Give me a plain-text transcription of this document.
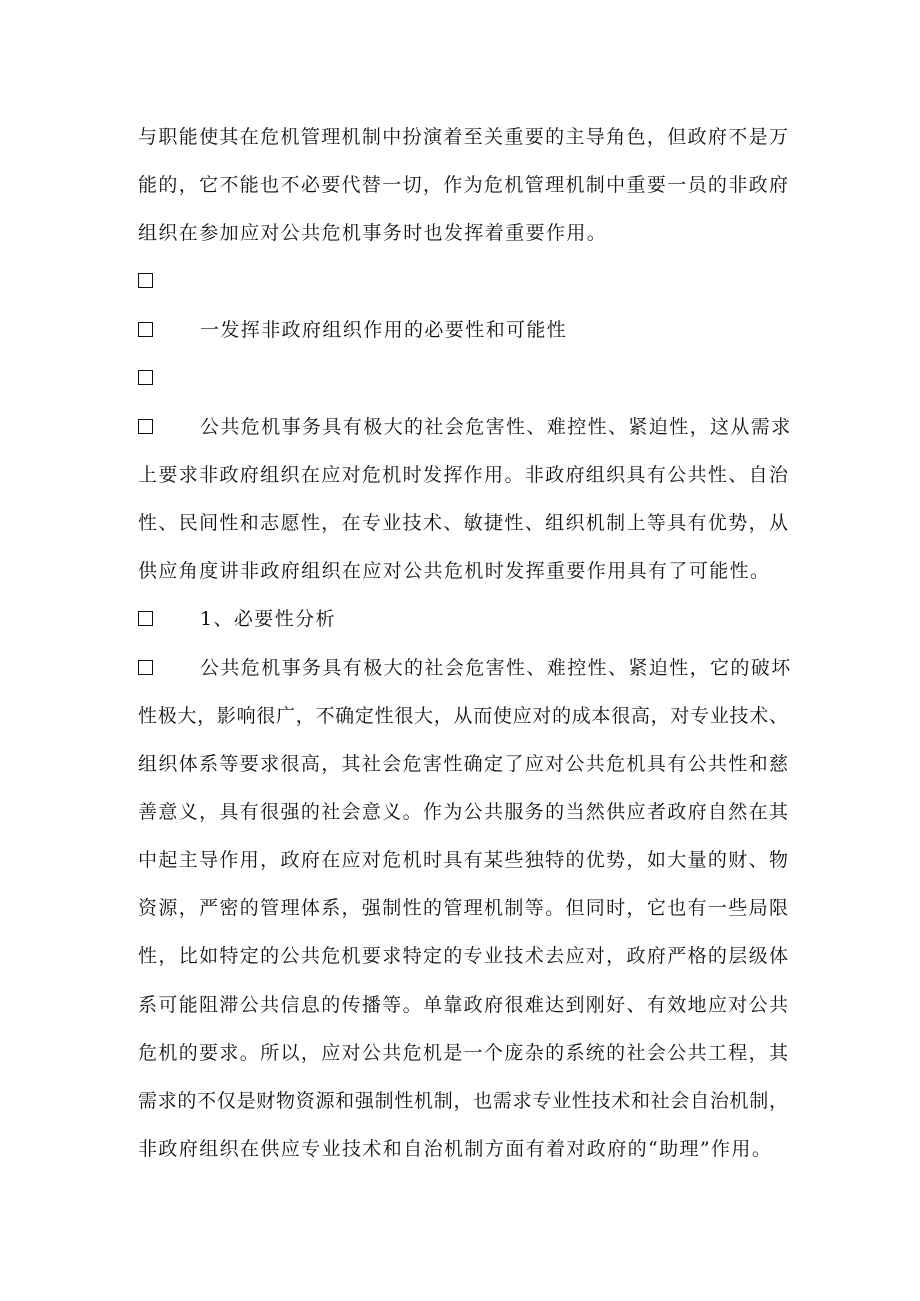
与职能使其在危机管理机制中扮演着至关重要的主导角色，但政府不是万
能的，它不能也不必要代替一切，作为危机管理机制中重要一员的非政府
组织在参加应对公共危机事务时也发挥着重要作用。
一发挥非政府组织作用的必要性和可能性
公共危机事务具有极大的社会危害性、难控性、紧迫性，这从需求
上要求非政府组织在应对危机时发挥作用。非政府组织具有公共性、自治
性、民间性和志愿性，在专业技术、敏捷性、组织机制上等具有优势，从
供应角度讲非政府组织在应对公共危机时发挥重要作用具有了可能性。
1、必要性分析
公共危机事务具有极大的社会危害性、难控性、紧迫性，它的破坏
性极大，影响很广，不确定性很大，从而使应对的成本很高，对专业技术、
组织体系等要求很高，其社会危害性确定了应对公共危机具有公共性和慈
善意义，具有很强的社会意义。作为公共服务的当然供应者政府自然在其
中起主导作用，政府在应对危机时具有某些独特的优势，如大量的财、物
资源，严密的管理体系，强制性的管理机制等。但同时，它也有一些局限
性，比如特定的公共危机要求特定的专业技术去应对，政府严格的层级体
系可能阻滞公共信息的传播等。单靠政府很难达到刚好、有效地应对公共
危机的要求。所以，应对公共危机是一个庞杂的系统的社会公共工程，其
需求的不仅是财物资源和强制性机制，也需求专业性技术和社会自治机制，
非政府组织在供应专业技术和自治机制方面有着对政府的“助理”作用。
